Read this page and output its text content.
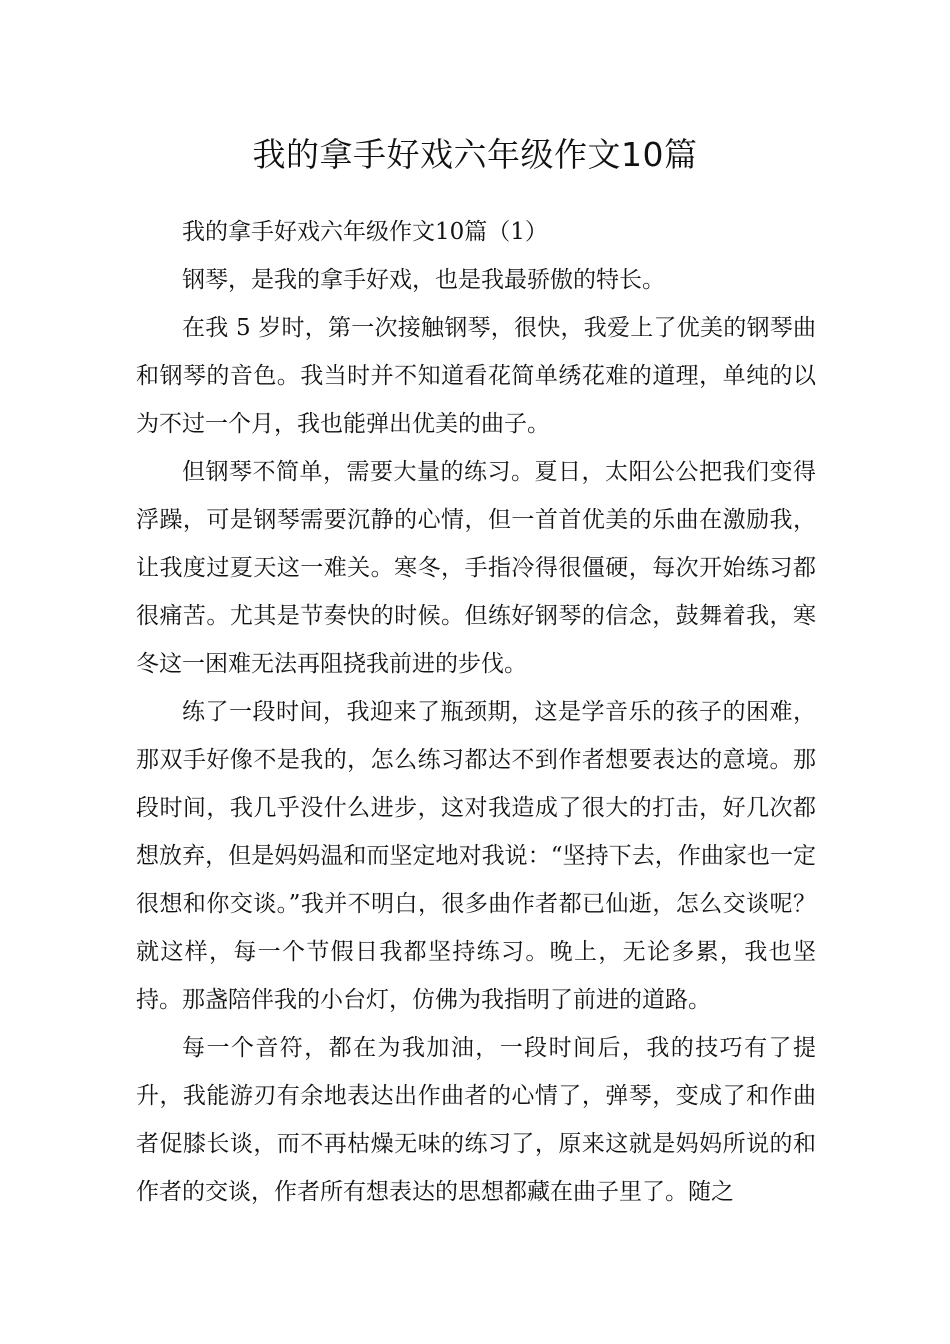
我的拿手好戏六年级作文10篇

我的拿手好戏六年级作文10篇（1）

钢琴，是我的拿手好戏，也是我最骄傲的特长。

在我 5 岁时，第一次接触钢琴，很快，我爱上了优美的钢琴曲和钢琴的音色。我当时并不知道看花简单绣花难的道理，单纯的以为不过一个月，我也能弹出优美的曲子。

但钢琴不简单，需要大量的练习。夏日，太阳公公把我们变得浮躁，可是钢琴需要沉静的心情，但一首首优美的乐曲在激励我，让我度过夏天这一难关。寒冬，手指冷得很僵硬，每次开始练习都很痛苦。尤其是节奏快的时候。但练好钢琴的信念，鼓舞着我，寒冬这一困难无法再阻挠我前进的步伐。

练了一段时间，我迎来了瓶颈期，这是学音乐的孩子的困难，那双手好像不是我的，怎么练习都达不到作者想要表达的意境。那段时间，我几乎没什么进步，这对我造成了很大的打击，好几次都想放弃，但是妈妈温和而坚定地对我说：“坚持下去，作曲家也一定很想和你交谈。”我并不明白，很多曲作者都已仙逝，怎么交谈呢？就这样，每一个节假日我都坚持练习。晚上，无论多累，我也坚持。那盏陪伴我的小台灯，仿佛为我指明了前进的道路。

每一个音符，都在为我加油，一段时间后，我的技巧有了提升，我能游刃有余地表达出作曲者的心情了，弹琴，变成了和作曲者促膝长谈，而不再枯燥无味的练习了，原来这就是妈妈所说的和作者的交谈，作者所有想表达的思想都藏在曲子里了。随之
